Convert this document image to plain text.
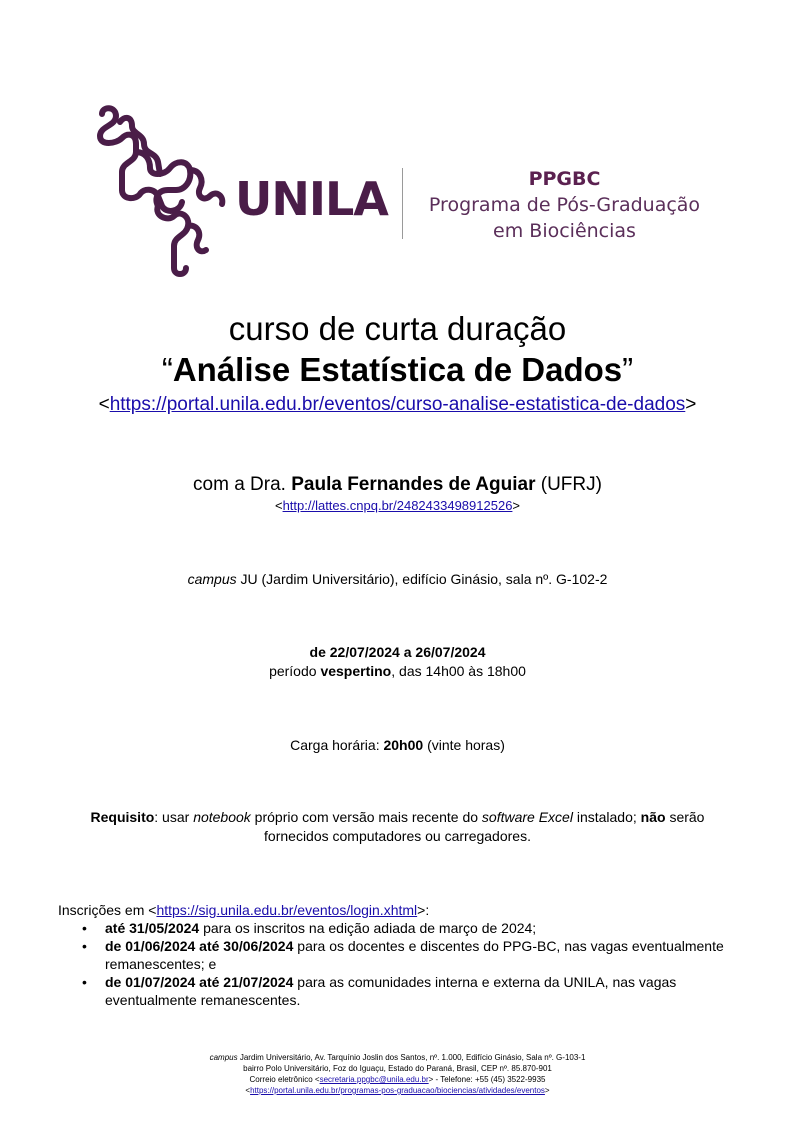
UNILA	PPGBC
Programa de Pós-Graduação
em Biociências
curso de curta duração
“Análise Estatística de Dados”
<https://portal.unila.edu.br/eventos/curso-analise-estatistica-de-dados>
com a Dra. Paula Fernandes de Aguiar (UFRJ)
<http://lattes.cnpq.br/2482433498912526>
campus JU (Jardim Universitário), edifício Ginásio, sala nº. G-102-2
de 22/07/2024 a 26/07/2024
período vespertino, das 14h00 às 18h00
Carga horária: 20h00 (vinte horas)
Requisito: usar notebook próprio com versão mais recente do software Excel instalado; não serão fornecidos computadores ou carregadores.
Inscrições em <https://sig.unila.edu.br/eventos/login.xhtml>:
• até 31/05/2024 para os inscritos na edição adiada de março de 2024;
• de 01/06/2024 até 30/06/2024 para os docentes e discentes do PPG-BC, nas vagas eventualmente remanescentes; e
• de 01/07/2024 até 21/07/2024 para as comunidades interna e externa da UNILA, nas vagas eventualmente remanescentes.
campus Jardim Universitário, Av. Tarquínio Joslin dos Santos, nº. 1.000, Edifício Ginásio, Sala nº. G-103-1
bairro Polo Universitário, Foz do Iguaçu, Estado do Paraná, Brasil, CEP nº. 85.870-901
Correio eletrônico <secretaria.ppgbc@unila.edu.br> - Telefone: +55 (45) 3522-9935
<https://portal.unila.edu.br/programas-pos-graduacao/biociencias/atividades/eventos>
